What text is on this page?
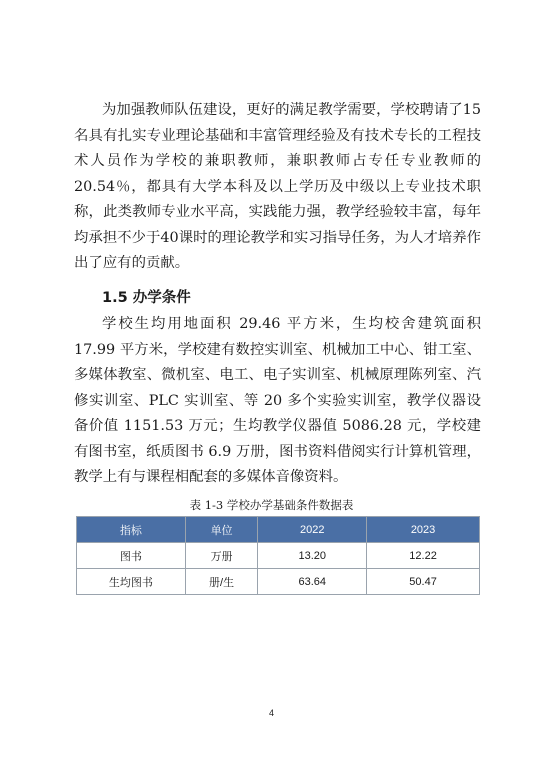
为加强教师队伍建设，更好的满足教学需要，学校聘请了15名具有扎实专业理论基础和丰富管理经验及有技术专长的工程技术人员作为学校的兼职教师，兼职教师占专任专业教师的20.54％，都具有大学本科及以上学历及中级以上专业技术职称，此类教师专业水平高，实践能力强，教学经验较丰富，每年均承担不少于40课时的理论教学和实习指导任务，为人才培养作出了应有的贡献。

1.5 办学条件

学校生均用地面积 29.46 平方米，生均校舍建筑面积 17.99 平方米，学校建有数控实训室、机械加工中心、钳工室、多媒体教室、微机室、电工、电子实训室、机械原理陈列室、汽修实训室、PLC 实训室、等 20 多个实验实训室，教学仪器设备价值 1151.53 万元；生均教学仪器值 5086.28 元，学校建有图书室，纸质图书 6.9 万册，图书资料借阅实行计算机管理，教学上有与课程相配套的多媒体音像资料。

表 1-3 学校办学基础条件数据表
指标	单位	2022	2023
图书	万册	13.20	12.22
生均图书	册/生	63.64	50.47
4
